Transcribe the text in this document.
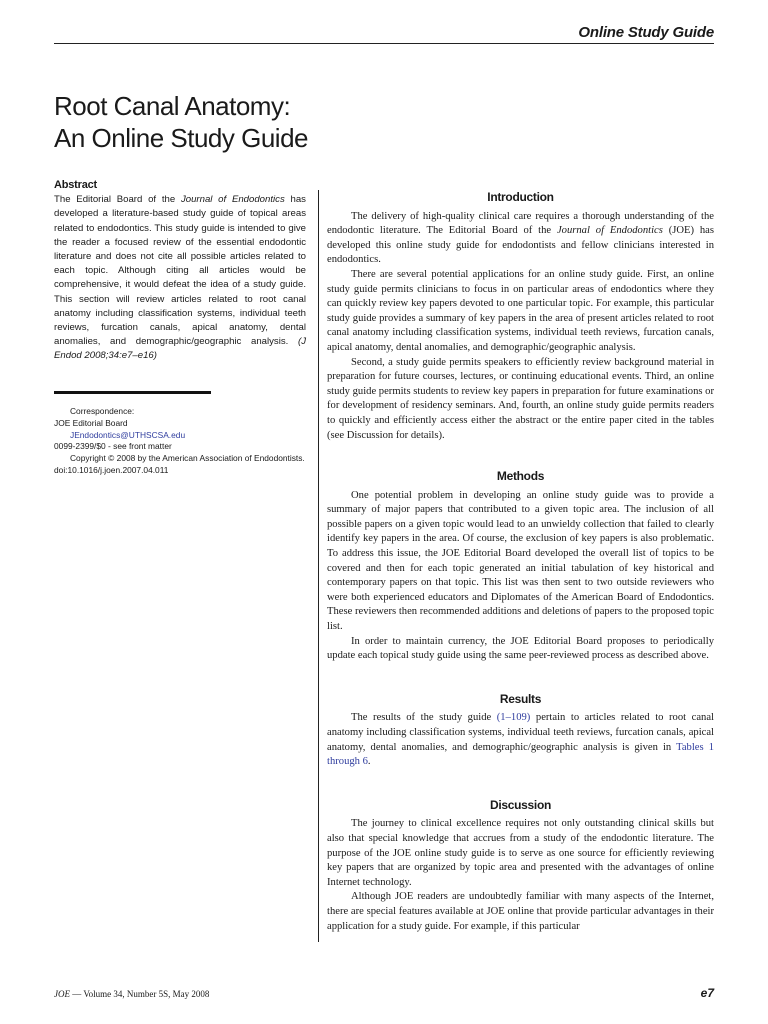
Online Study Guide
Root Canal Anatomy:
An Online Study Guide
Abstract
The Editorial Board of the Journal of Endodontics has developed a literature-based study guide of topical areas related to endodontics. This study guide is intended to give the reader a focused review of the essential endodontic literature and does not cite all possible articles related to each topic. Although citing all articles would be comprehensive, it would defeat the idea of a study guide. This section will review articles related to root canal anatomy including classification systems, individual teeth reviews, furcation canals, apical anatomy, dental anomalies, and demographic/geographic analysis. (J Endod 2008;34:e7–e16)
Correspondence:
JOE Editorial Board
JEndodontics@UTHSCSA.edu
0099-2399/$0 - see front matter
Copyright © 2008 by the American Association of Endodontists.
doi:10.1016/j.joen.2007.04.011
Introduction

The delivery of high-quality clinical care requires a thorough understanding of the endodontic literature. The Editorial Board of the Journal of Endodontics (JOE) has developed this online study guide for endodontists and fellow clinicians interested in endodontics.

There are several potential applications for an online study guide. First, an online study guide permits clinicians to focus in on particular areas of endodontics where they can quickly review key papers devoted to one particular topic. For example, this particular study guide provides a summary of key papers in the area of present articles related to root canal anatomy including classification systems, individual teeth reviews, furcation canals, apical anatomy, dental anomalies, and demographic/geographic analysis.

Second, a study guide permits speakers to efficiently review background material in preparation for future courses, lectures, or continuing educational events. Third, an online study guide permits students to review key papers in preparation for future examinations or for development of residency seminars. And, fourth, an online study guide permits readers to quickly and efficiently access either the abstract or the entire paper cited in the tables (see Discussion for details).

Methods

One potential problem in developing an online study guide was to provide a summary of major papers that contributed to a given topic area. The inclusion of all possible papers on a given topic would lead to an unwieldy collection that failed to clearly identify key papers in the area. Of course, the exclusion of key papers is also problematic. To address this issue, the JOE Editorial Board developed the overall list of topics to be covered and then for each topic generated an initial tabulation of key historical and contemporary papers on that topic. This list was then sent to two outside reviewers who were both experienced educators and Diplomates of the American Board of Endodontics. These reviewers then recommended additions and deletions of papers to the proposed topic list.

In order to maintain currency, the JOE Editorial Board proposes to periodically update each topical study guide using the same peer-reviewed process as described above.

Results

The results of the study guide (1–109) pertain to articles related to root canal anatomy including classification systems, individual teeth reviews, furcation canals, apical anatomy, dental anomalies, and demographic/geographic analysis is given in Tables 1 through 6.

Discussion

The journey to clinical excellence requires not only outstanding clinical skills but also that special knowledge that accrues from a study of the endodontic literature. The purpose of the JOE online study guide is to serve as one source for efficiently reviewing key papers that are organized by topic area and presented with the advantages of online Internet technology.

Although JOE readers are undoubtedly familiar with many aspects of the Internet, there are special features available at JOE online that provide particular advantages in their application for a study guide. For example, if this particular

JOE — Volume 34, Number 5S, May 2008	e7
